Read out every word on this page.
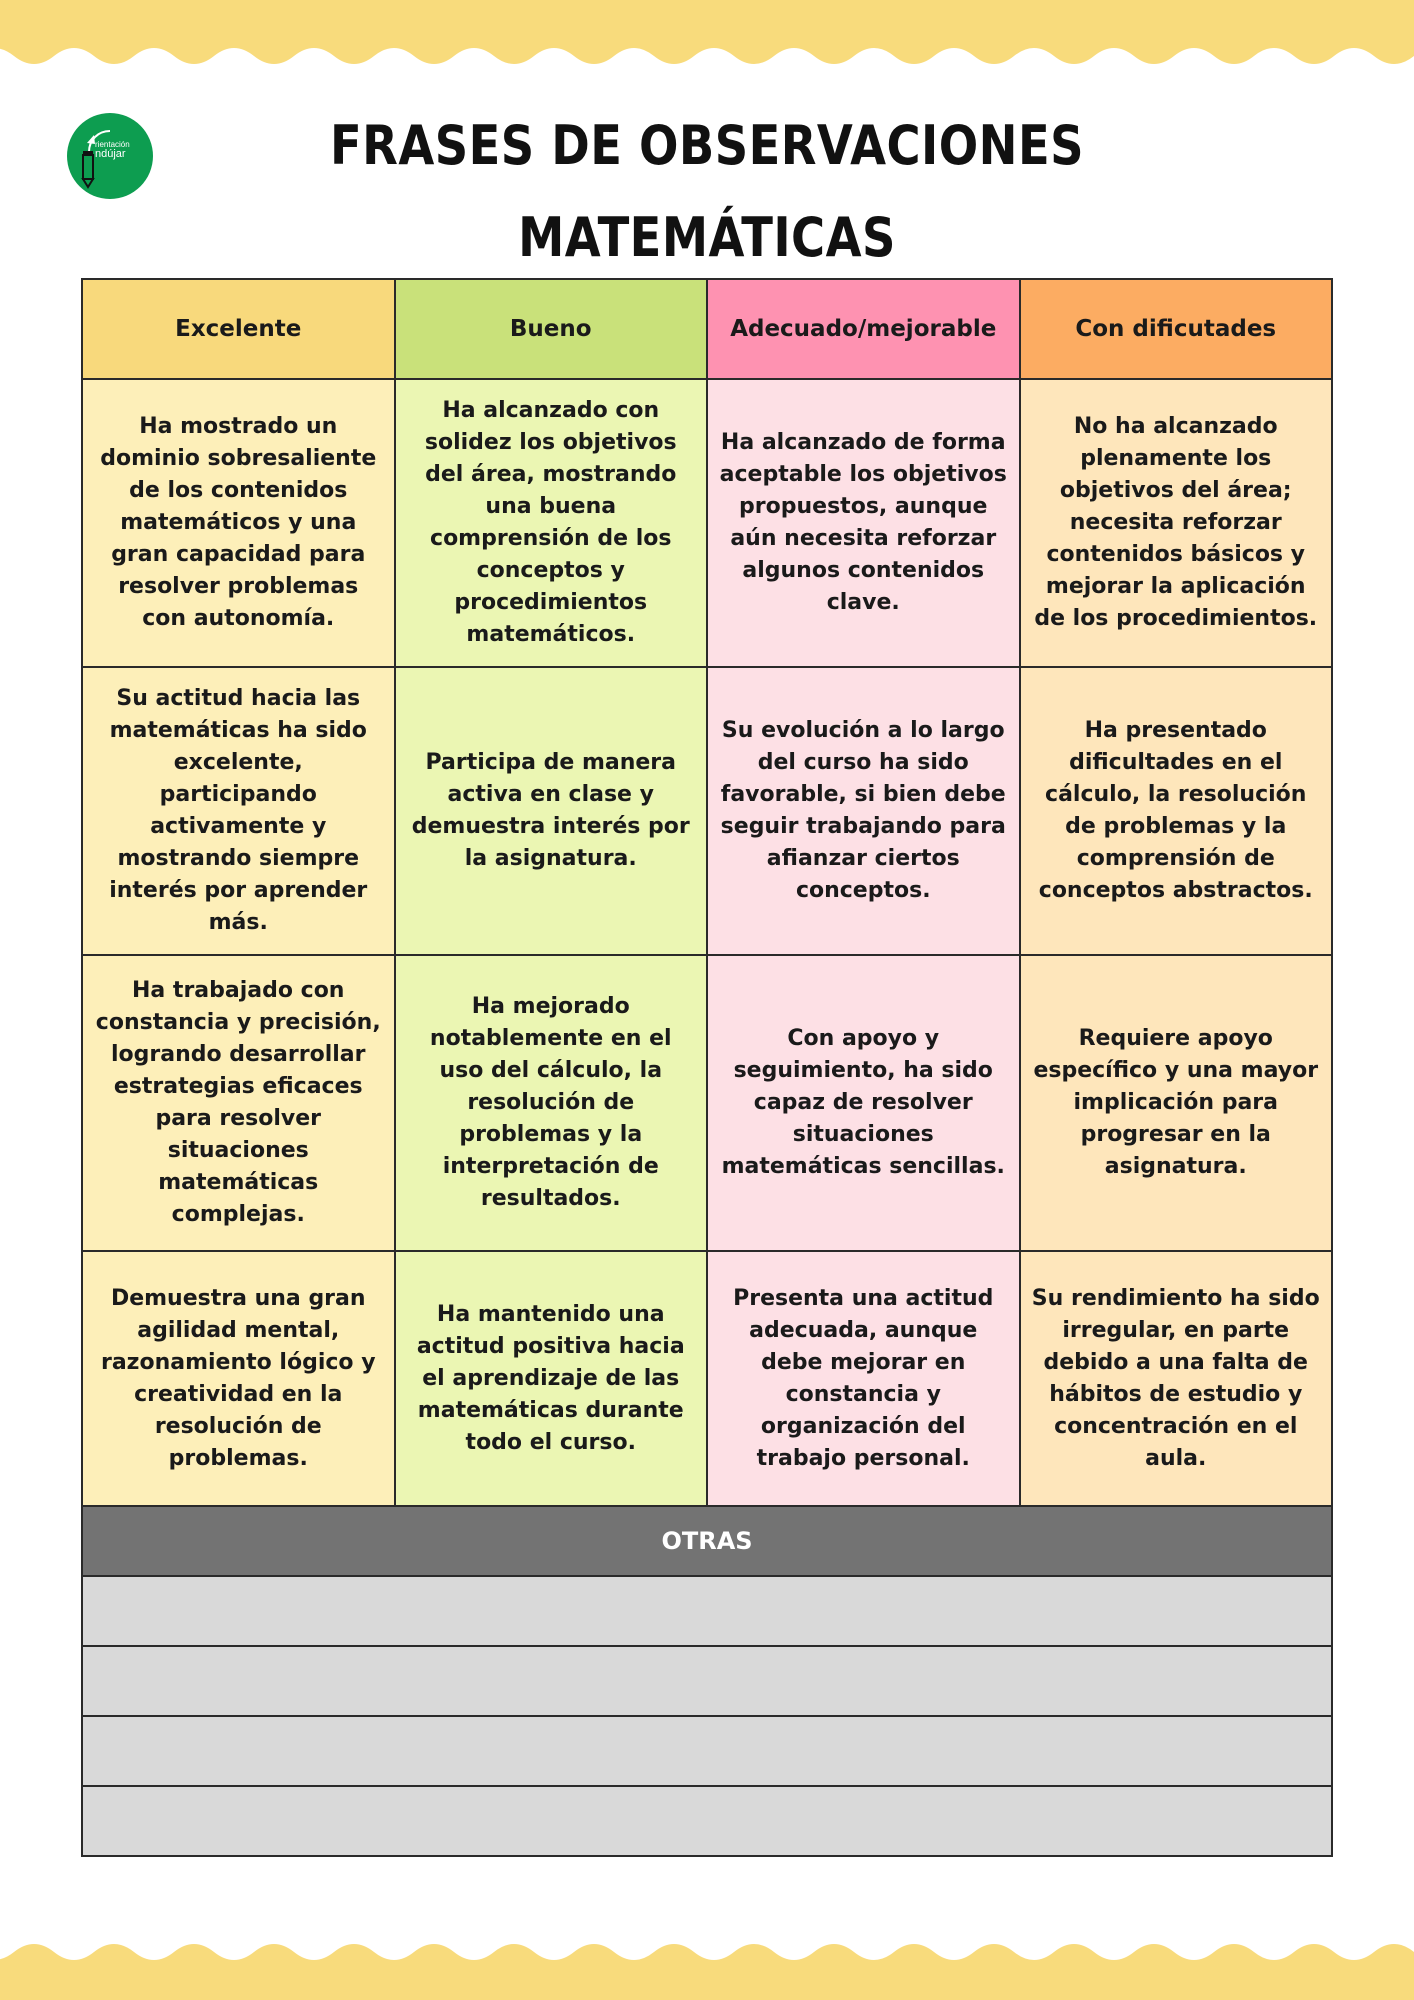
rientación
ndújar	FRASES DE OBSERVACIONES
MATEMÁTICAS
Excelente	Bueno	Adecuado/mejorable	Con dificutades
Ha mostrado un dominio sobresaliente de los contenidos matemáticos y una gran capacidad para resolver problemas con autonomía.	Ha alcanzado con solidez los objetivos del área, mostrando una buena comprensión de los conceptos y procedimientos matemáticos.	Ha alcanzado de forma aceptable los objetivos propuestos, aunque aún necesita reforzar algunos contenidos clave.	No ha alcanzado plenamente los objetivos del área; necesita reforzar contenidos básicos y mejorar la aplicación de los procedimientos.
Su actitud hacia las matemáticas ha sido excelente, participando activamente y mostrando siempre interés por aprender más.	Participa de manera activa en clase y demuestra interés por la asignatura.	Su evolución a lo largo del curso ha sido favorable, si bien debe seguir trabajando para afianzar ciertos conceptos.	Ha presentado dificultades en el cálculo, la resolución de problemas y la comprensión de conceptos abstractos.
Ha trabajado con constancia y precisión, logrando desarrollar estrategias eficaces para resolver situaciones matemáticas complejas.	Ha mejorado notablemente en el uso del cálculo, la resolución de problemas y la interpretación de resultados.	Con apoyo y seguimiento, ha sido capaz de resolver situaciones matemáticas sencillas.	Requiere apoyo específico y una mayor implicación para progresar en la asignatura.
Demuestra una gran agilidad mental, razonamiento lógico y creatividad en la resolución de problemas.	Ha mantenido una actitud positiva hacia el aprendizaje de las matemáticas durante todo el curso.	Presenta una actitud adecuada, aunque debe mejorar en constancia y organización del trabajo personal.	Su rendimiento ha sido irregular, en parte debido a una falta de hábitos de estudio y concentración en el aula.
OTRAS			
